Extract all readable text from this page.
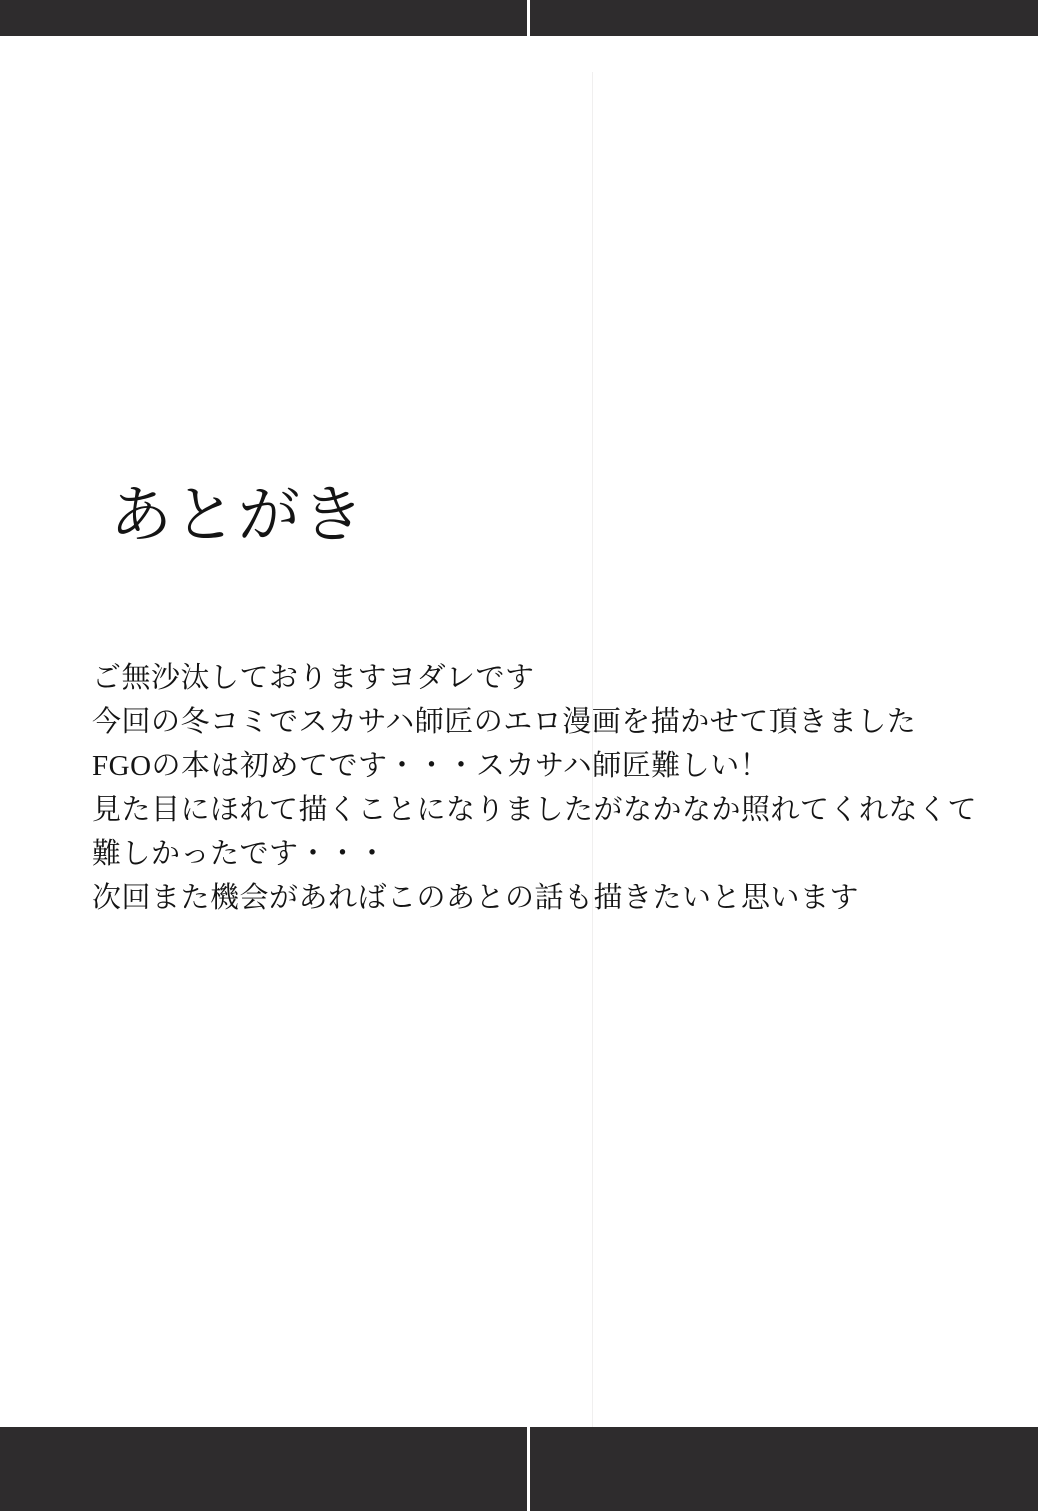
あとがき
ご無沙汰しておりますヨダレです
今回の冬コミでスカサハ師匠のエロ漫画を描かせて頂きました
FGOの本は初めてです・・・スカサハ師匠難しい！
見た目にほれて描くことになりましたがなかなか照れてくれなくて
難しかったです・・・
次回また機会があればこのあとの話も描きたいと思います
